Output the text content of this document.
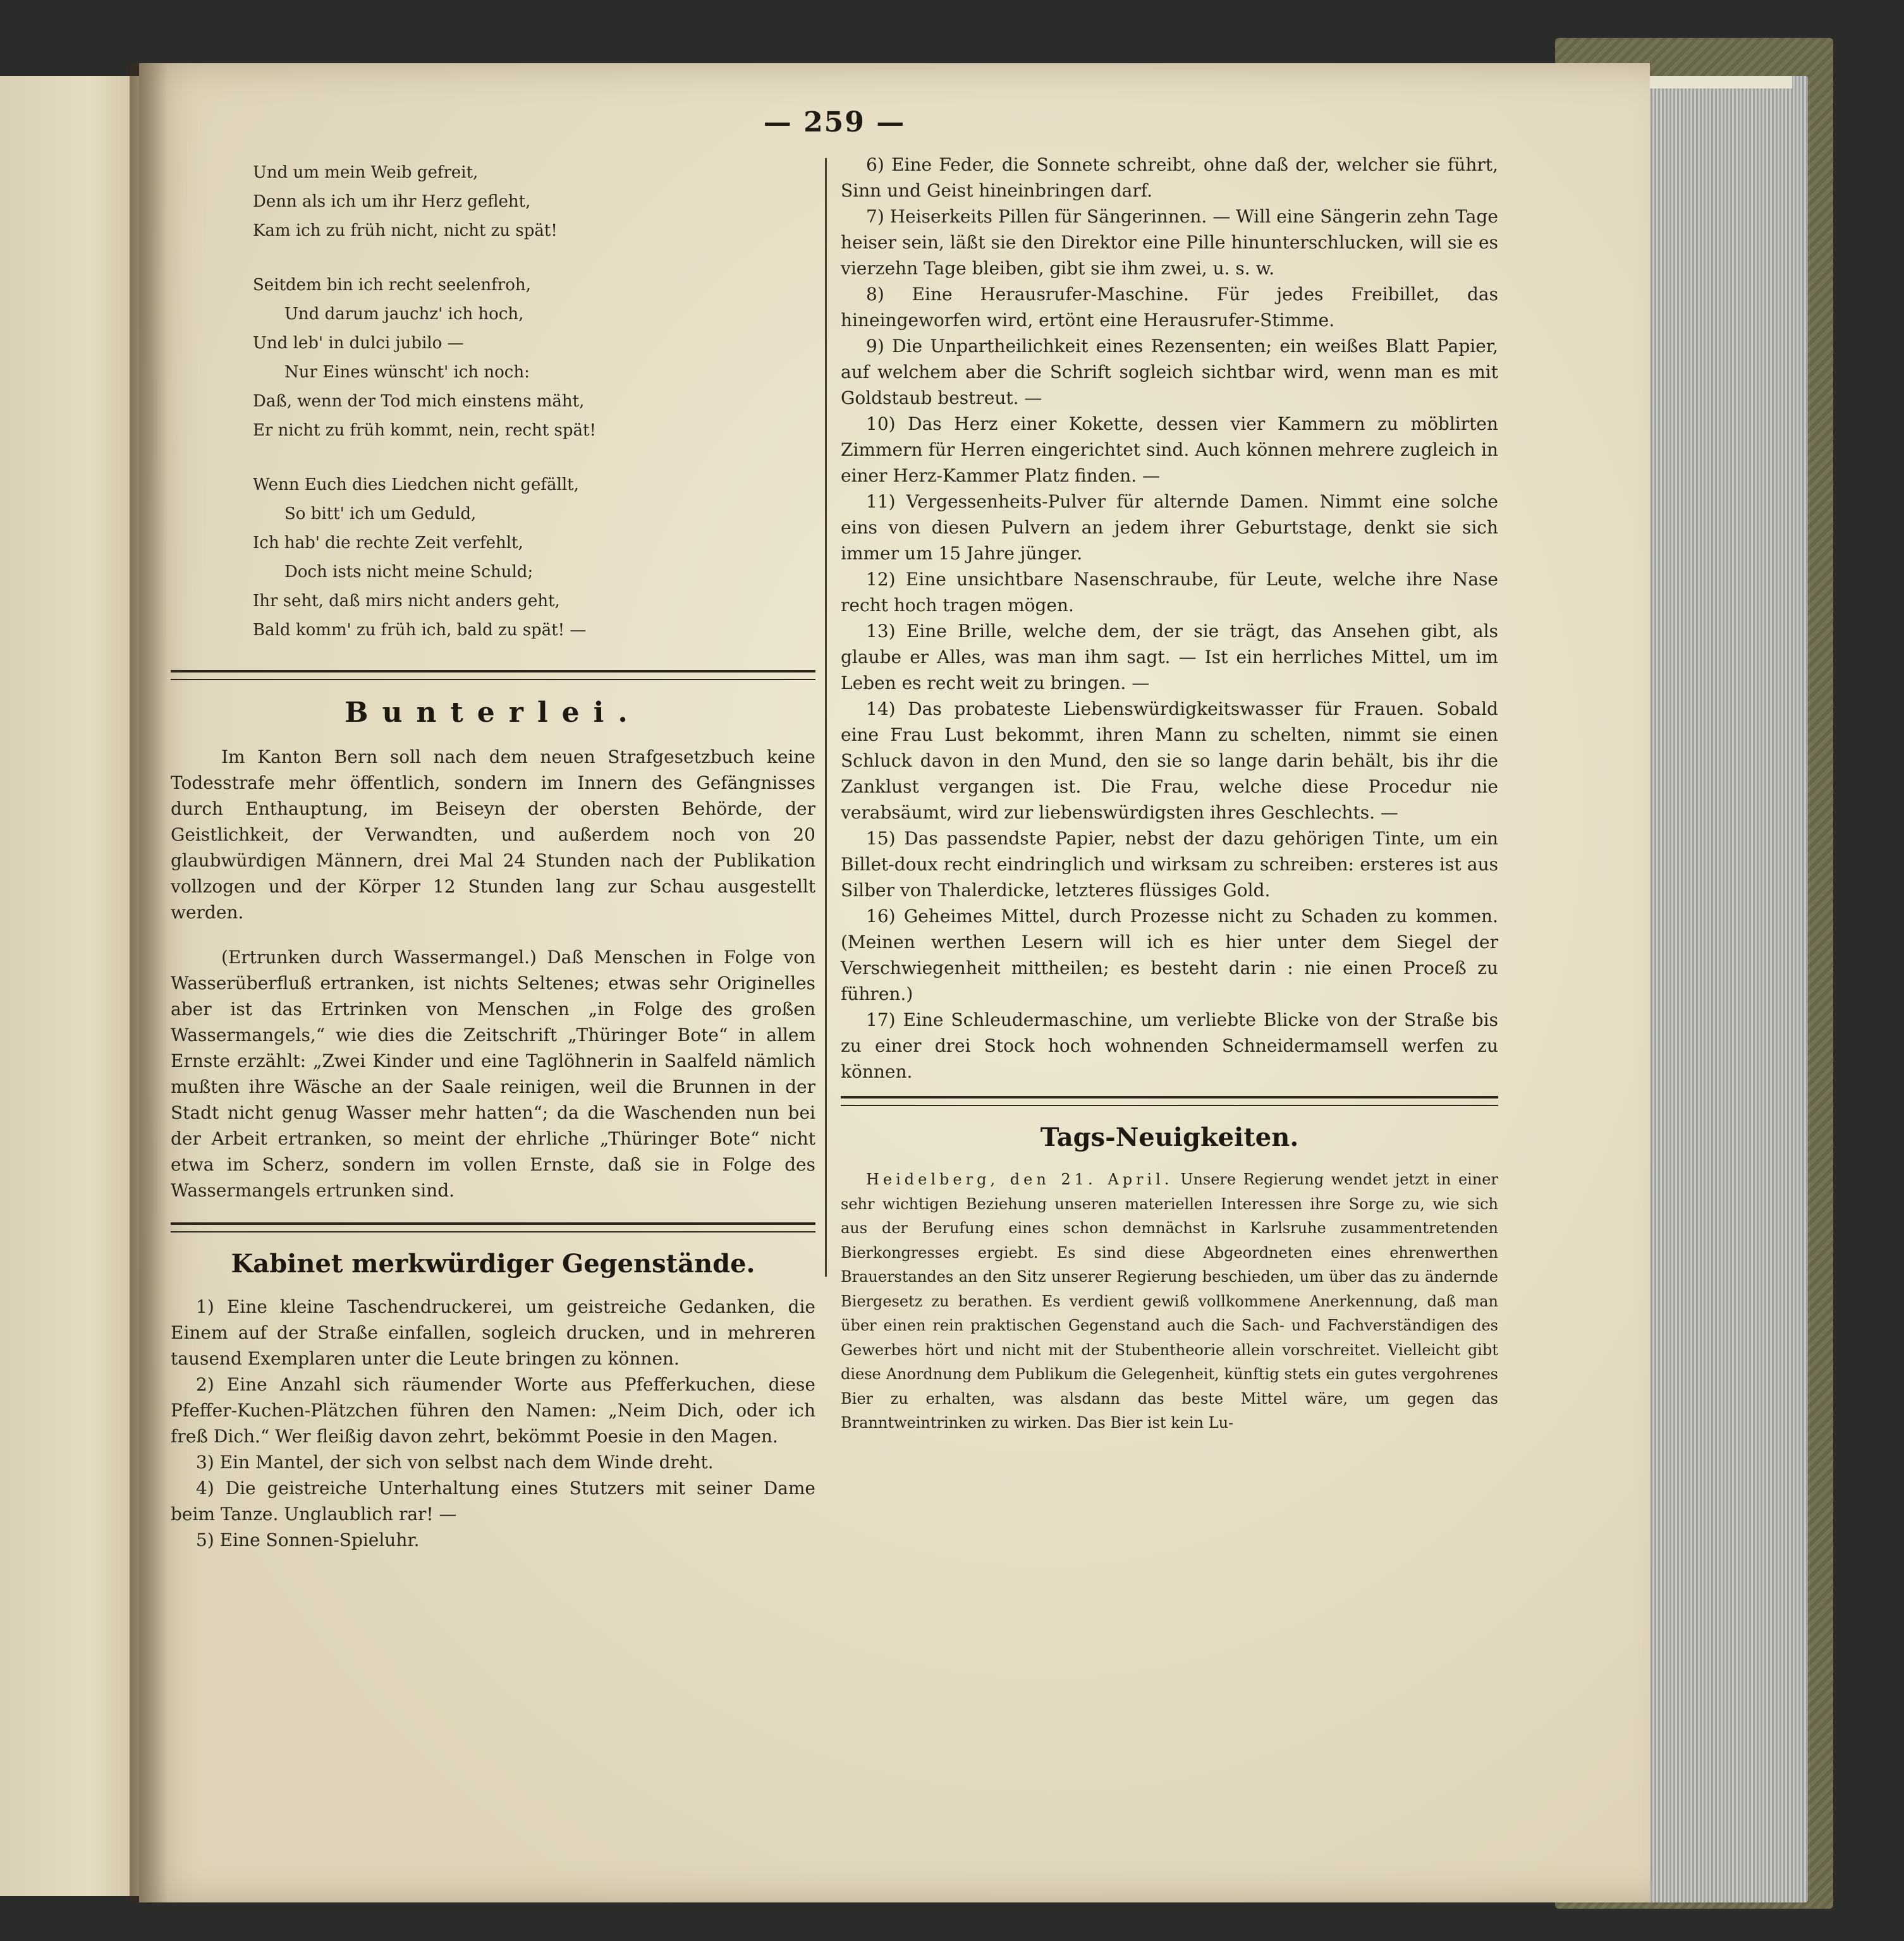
— 259 —

Und um mein Weib gefreit,

Denn als ich um ihr Herz gefleht,

Kam ich zu früh nicht, nicht zu spät!

Seitdem bin ich recht seelenfroh,

Und darum jauchz' ich hoch,

Und leb' in dulci jubilo —

Nur Eines wünscht' ich noch:

Daß, wenn der Tod mich einstens mäht,

Er nicht zu früh kommt, nein, recht spät!

Wenn Euch dies Liedchen nicht gefällt,

So bitt' ich um Geduld,

Ich hab' die rechte Zeit verfehlt,

Doch ists nicht meine Schuld;

Ihr seht, daß mirs nicht anders geht,

Bald komm' zu früh ich, bald zu spät! —

Bunterlei.

Im Kanton Bern soll nach dem neuen Strafgesetzbuch keine Todesstrafe mehr öffentlich, sondern im Innern des Gefängnisses durch Enthauptung, im Beiseyn der obersten Behörde, der Geistlichkeit, der Verwandten, und außerdem noch von 20 glaubwürdigen Männern, drei Mal 24 Stunden nach der Publikation vollzogen und der Körper 12 Stunden lang zur Schau ausgestellt werden.

(Ertrunken durch Wassermangel.) Daß Menschen in Folge von Wasserüberfluß ertranken, ist nichts Seltenes; etwas sehr Originelles aber ist das Ertrinken von Menschen „in Folge des großen Wassermangels,“ wie dies die Zeitschrift „Thüringer Bote“ in allem Ernste erzählt: „Zwei Kinder und eine Taglöhnerin in Saalfeld nämlich mußten ihre Wäsche an der Saale reinigen, weil die Brunnen in der Stadt nicht genug Wasser mehr hatten“; da die Waschenden nun bei der Arbeit ertranken, so meint der ehrliche „Thüringer Bote“ nicht etwa im Scherz, sondern im vollen Ernste, daß sie in Folge des Wassermangels ertrunken sind.

Kabinet merkwürdiger Gegenstände.

1) Eine kleine Taschendruckerei, um geistreiche Gedanken, die Einem auf der Straße einfallen, sogleich drucken, und in mehreren tausend Exemplaren unter die Leute bringen zu können.

2) Eine Anzahl sich räumender Worte aus Pfefferkuchen, diese Pfeffer-Kuchen-Plätzchen führen den Namen: „Neim Dich, oder ich freß Dich.“ Wer fleißig davon zehrt, bekömmt Poesie in den Magen.

3) Ein Mantel, der sich von selbst nach dem Winde dreht.

4) Die geistreiche Unterhaltung eines Stutzers mit seiner Dame beim Tanze. Unglaublich rar! —

5) Eine Sonnen-Spieluhr.

6) Eine Feder, die Sonnete schreibt, ohne daß der, welcher sie führt, Sinn und Geist hineinbringen darf.

7) Heiserkeits Pillen für Sängerinnen. — Will eine Sängerin zehn Tage heiser sein, läßt sie den Direktor eine Pille hinunterschlucken, will sie es vierzehn Tage bleiben, gibt sie ihm zwei, u. s. w.

8) Eine Herausrufer-Maschine. Für jedes Freibillet, das hineingeworfen wird, ertönt eine Herausrufer-Stimme.

9) Die Unpartheilichkeit eines Rezensenten; ein weißes Blatt Papier, auf welchem aber die Schrift sogleich sichtbar wird, wenn man es mit Goldstaub bestreut. —

10) Das Herz einer Kokette, dessen vier Kammern zu möblirten Zimmern für Herren eingerichtet sind. Auch können mehrere zugleich in einer Herz-Kammer Platz finden. —

11) Vergessenheits-Pulver für alternde Damen. Nimmt eine solche eins von diesen Pulvern an jedem ihrer Geburtstage, denkt sie sich immer um 15 Jahre jünger.

12) Eine unsichtbare Nasenschraube, für Leute, welche ihre Nase recht hoch tragen mögen.

13) Eine Brille, welche dem, der sie trägt, das Ansehen gibt, als glaube er Alles, was man ihm sagt. — Ist ein herrliches Mittel, um im Leben es recht weit zu bringen. —

14) Das probateste Liebenswürdigkeitswasser für Frauen. Sobald eine Frau Lust bekommt, ihren Mann zu schelten, nimmt sie einen Schluck davon in den Mund, den sie so lange darin behält, bis ihr die Zanklust vergangen ist. Die Frau, welche diese Procedur nie verabsäumt, wird zur liebenswürdigsten ihres Geschlechts. —

15) Das passendste Papier, nebst der dazu gehörigen Tinte, um ein Billet-doux recht eindringlich und wirksam zu schreiben: ersteres ist aus Silber von Thalerdicke, letzteres flüssiges Gold.

16) Geheimes Mittel, durch Prozesse nicht zu Schaden zu kommen. (Meinen werthen Lesern will ich es hier unter dem Siegel der Verschwiegenheit mittheilen; es besteht darin : nie einen Proceß zu führen.)

17) Eine Schleudermaschine, um verliebte Blicke von der Straße bis zu einer drei Stock hoch wohnenden Schneidermamsell werfen zu können.

Tags-Neuigkeiten.

Heidelberg, den 21. April. Unsere Regierung wendet jetzt in einer sehr wichtigen Beziehung unseren materiellen Interessen ihre Sorge zu, wie sich aus der Berufung eines schon demnächst in Karlsruhe zusammentretenden Bierkongresses ergiebt. Es sind diese Abgeordneten eines ehrenwerthen Brauerstandes an den Sitz unserer Regierung beschieden, um über das zu ändernde Biergesetz zu berathen. Es verdient gewiß vollkommene Anerkennung, daß man über einen rein praktischen Gegenstand auch die Sach- und Fachverständigen des Gewerbes hört und nicht mit der Stubentheorie allein vorschreitet. Vielleicht gibt diese Anordnung dem Publikum die Gelegenheit, künftig stets ein gutes vergohrenes Bier zu erhalten, was alsdann das beste Mittel wäre, um gegen das Branntweintrinken zu wirken. Das Bier ist kein Lu-
